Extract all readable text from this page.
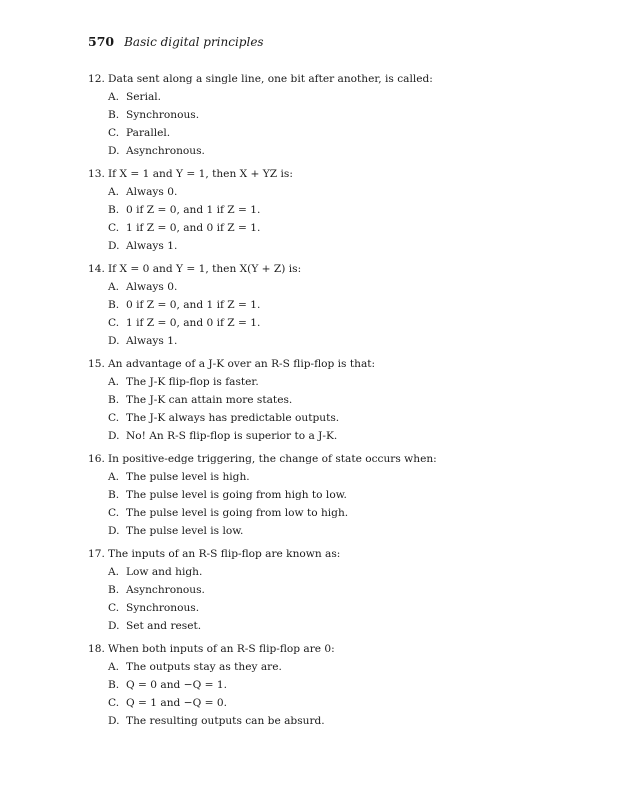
570 Basic digital principles
12. Data sent along a single line, one bit after another, is called:
A. Serial.
B. Synchronous.
C. Parallel.
D. Asynchronous.
13. If X = 1 and Y = 1, then X + YZ is:
A. Always 0.
B. 0 if Z = 0, and 1 if Z = 1.
C. 1 if Z = 0, and 0 if Z = 1.
D. Always 1.
14. If X = 0 and Y = 1, then X(Y + Z) is:
A. Always 0.
B. 0 if Z = 0, and 1 if Z = 1.
C. 1 if Z = 0, and 0 if Z = 1.
D. Always 1.
15. An advantage of a J-K over an R-S flip-flop is that:
A. The J-K flip-flop is faster.
B. The J-K can attain more states.
C. The J-K always has predictable outputs.
D. No! An R-S flip-flop is superior to a J-K.
16. In positive-edge triggering, the change of state occurs when:
A. The pulse level is high.
B. The pulse level is going from high to low.
C. The pulse level is going from low to high.
D. The pulse level is low.
17. The inputs of an R-S flip-flop are known as:
A. Low and high.
B. Asynchronous.
C. Synchronous.
D. Set and reset.
18. When both inputs of an R-S flip-flop are 0:
A. The outputs stay as they are.
B. Q = 0 and −Q = 1.
C. Q = 1 and −Q = 0.
D. The resulting outputs can be absurd.
